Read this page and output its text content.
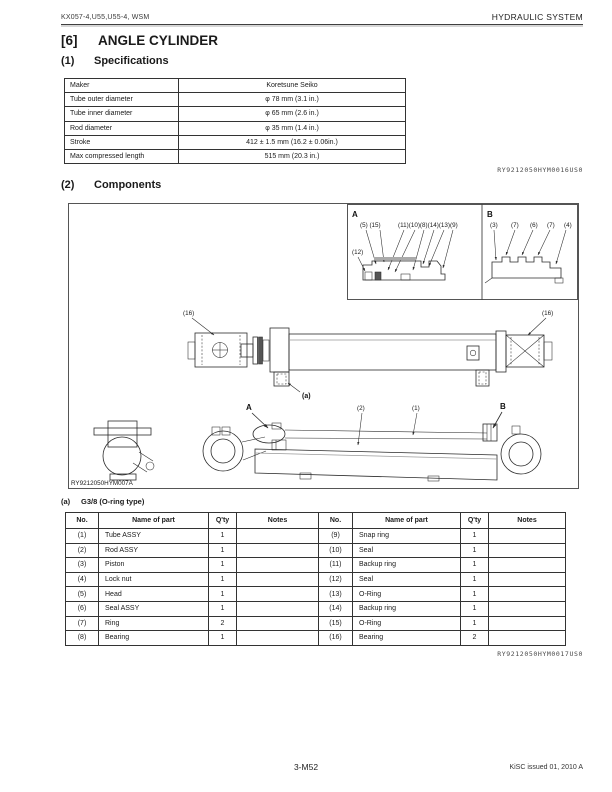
KX057-4,U55,U55-4, WSM	HYDRAULIC SYSTEM
[6] ANGLE CYLINDER
(1) Specifications
Maker	Koretsune Seiko
Tube outer diameter	φ 78 mm (3.1 in.)
Tube inner diameter	φ 65 mm (2.6 in.)
Rod diameter	φ 35 mm (1.4 in.)
Stroke	412 ± 1.5 mm (16.2 ± 0.06in.)
Max compressed length	515 mm (20.3 in.)
RY9212050HYM0016US0
(2) Components
A	B
(5) (15)	(11)(10)(8)(14)(13)(9)
(12)
(3) (7) (6) (7) (4)
(16)	(16)
(a)
A	(2)	(1)	B
RY9212050HYM007A
(a) G3/8 (O-ring type)
No.	Name of part	Q'ty	Notes	No.	Name of part	Q'ty	Notes
(1)	Tube ASSY	1		(9)	Snap ring	1	
(2)	Rod ASSY	1		(10)	Seal	1	
(3)	Piston	1		(11)	Backup ring	1	
(4)	Lock nut	1		(12)	Seal	1	
(5)	Head	1		(13)	O-Ring	1	
(6)	Seal ASSY	1		(14)	Backup ring	1	
(7)	Ring	2		(15)	O-Ring	1	
(8)	Bearing	1		(16)	Bearing	2	
RY9212050HYM0017US0
3-M52	KiSC issued 01, 2010 A
